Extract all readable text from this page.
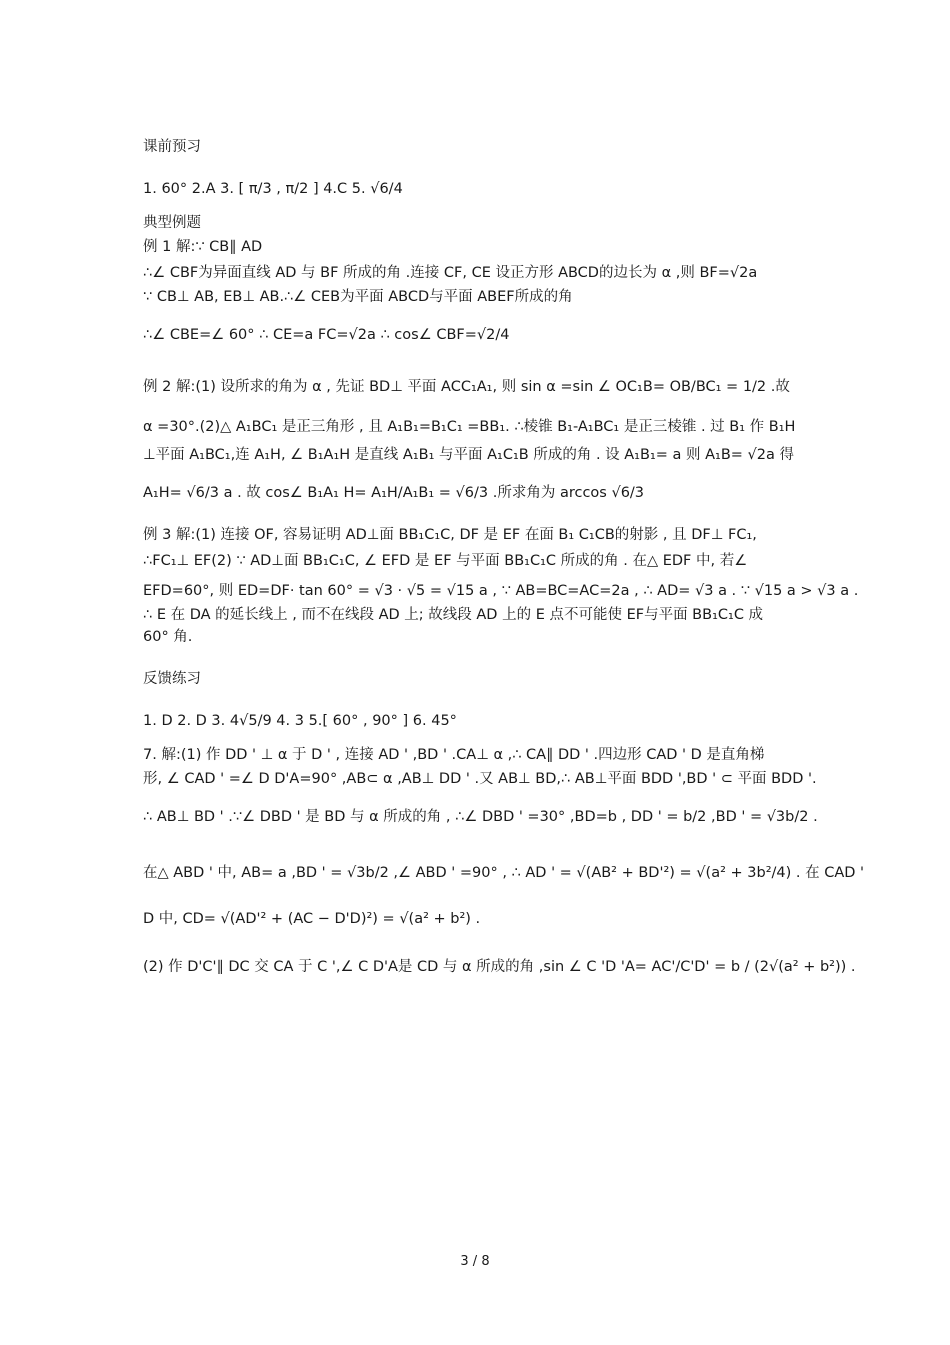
课前预习
1. 60° 2.A 3. [ π/3 , π/2 ] 4.C 5. √6/4
典型例题
例 1 解:∵ CB∥ AD
∴∠ CBF为异面直线 AD 与 BF 所成的角 .连接 CF, CE 设正方形 ABCD的边长为 α ,则 BF=√2a
∵ CB⊥ AB, EB⊥ AB.∴∠ CEB为平面 ABCD与平面 ABEF所成的角
∴∠ CBE=∠ 60° ∴ CE=a FC=√2a ∴ cos∠ CBF=√2/4
例 2 解:(1) 设所求的角为 α , 先证 BD⊥ 平面 ACC₁A₁, 则 sin α =sin ∠ OC₁B= OB/BC₁ = 1/2 .故
α =30°.(2)△ A₁BC₁ 是正三角形 , 且 A₁B₁=B₁C₁ =BB₁. ∴棱锥 B₁-A₁BC₁ 是正三棱锥 . 过 B₁ 作 B₁H
⊥平面 A₁BC₁,连 A₁H, ∠ B₁A₁H 是直线 A₁B₁ 与平面 A₁C₁B 所成的角 . 设 A₁B₁= a 则 A₁B= √2a 得
A₁H= √6/3 a . 故 cos∠ B₁A₁ H= A₁H/A₁B₁ = √6/3 .所求角为 arccos √6/3
例 3 解:(1) 连接 OF, 容易证明 AD⊥面 BB₁C₁C, DF 是 EF 在面 B₁ C₁CB的射影 , 且 DF⊥ FC₁,
∴FC₁⊥ EF(2) ∵ AD⊥面 BB₁C₁C, ∠ EFD 是 EF 与平面 BB₁C₁C 所成的角 . 在△ EDF 中, 若∠
EFD=60°, 则 ED=DF· tan 60° = √3 · √5 = √15 a , ∵ AB=BC=AC=2a , ∴ AD= √3 a . ∵ √15 a > √3 a .
∴ E 在 DA 的延长线上 , 而不在线段 AD 上; 故线段 AD 上的 E 点不可能使 EF与平面 BB₁C₁C 成
60° 角.
反馈练习
1. D 2. D 3. 4√5/9 4. 3 5.[ 60° , 90° ] 6. 45°
7. 解:(1) 作 DD ' ⊥ α 于 D ' , 连接 AD ' ,BD ' .CA⊥ α ,∴ CA∥ DD ' .四边形 CAD ' D 是直角梯
形, ∠ CAD ' =∠ D D'A=90° ,AB⊂ α ,AB⊥ DD ' .又 AB⊥ BD,∴ AB⊥平面 BDD ',BD ' ⊂ 平面 BDD '.
∴ AB⊥ BD ' .∵∠ DBD ' 是 BD 与 α 所成的角 , ∴∠ DBD ' =30° ,BD=b , DD ' = b/2 ,BD ' = √3b/2 .
在△ ABD ' 中, AB= a ,BD ' = √3b/2 ,∠ ABD ' =90° , ∴ AD ' = √(AB² + BD'²) = √(a² + 3b²/4) . 在 CAD '
D 中, CD= √(AD'² + (AC − D'D)²) = √(a² + b²) .
(2) 作 D'C'∥ DC 交 CA 于 C ',∠ C D'A是 CD 与 α 所成的角 ,sin ∠ C 'D 'A= AC'/C'D' = b / (2√(a² + b²)) .
3 / 8
